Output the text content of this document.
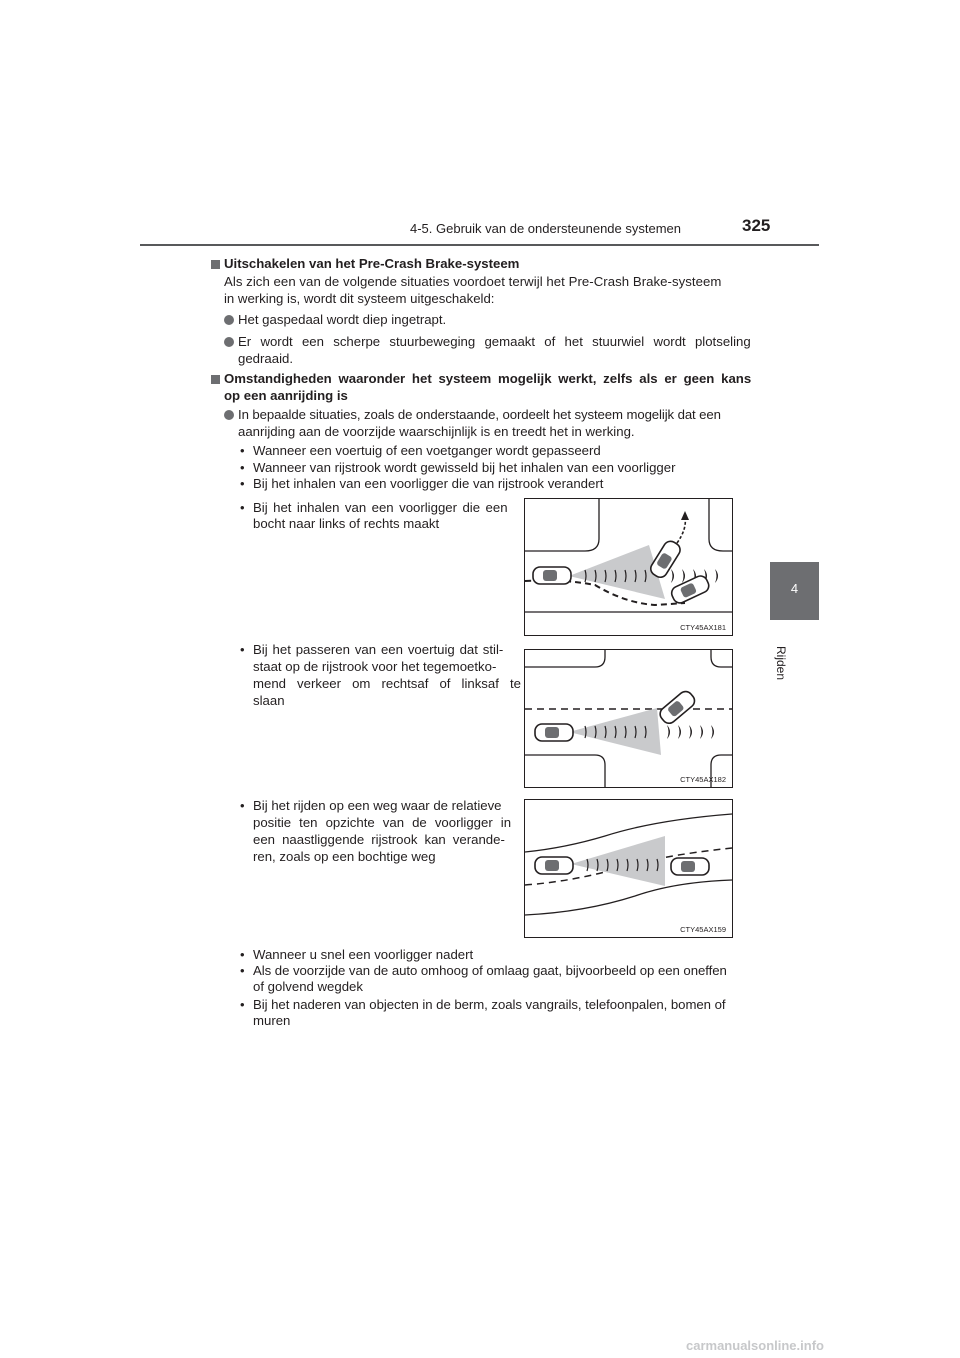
4-5. Gebruik van de ondersteunende systemen	325
4
Rijden
Uitschakelen van het Pre-Crash Brake-systeem
Als zich een van de volgende situaties voordoet terwijl het Pre-Crash Brake-systeem
in werking is, wordt dit systeem uitgeschakeld:
Het gaspedaal wordt diep ingetrapt.
Er wordt een scherpe stuurbeweging gemaakt of het stuurwiel wordt plotseling
gedraaid.
Omstandigheden waaronder het systeem mogelijk werkt, zelfs als er geen kans
op een aanrijding is
In bepaalde situaties, zoals de onderstaande, oordeelt het systeem mogelijk dat een
aanrijding aan de voorzijde waarschijnlijk is en treedt het in werking.
• Wanneer een voertuig of een voetganger wordt gepasseerd
• Wanneer van rijstrook wordt gewisseld bij het inhalen van een voorligger
• Bij het inhalen van een voorligger die van rijstrook verandert
• Bij het inhalen van een voorligger die een
bocht naar links of rechts maakt
CTY45AX181
• Bij het passeren van een voertuig dat stil-
staat op de rijstrook voor het tegemoetko-
mend verkeer om rechtsaf of linksaf te
slaan
CTY45AX182
• Bij het rijden op een weg waar de relatieve
positie ten opzichte van de voorligger in
een naastliggende rijstrook kan verande-
ren, zoals op een bochtige weg
CTY45AX159
• Wanneer u snel een voorligger nadert
• Als de voorzijde van de auto omhoog of omlaag gaat, bijvoorbeeld op een oneffen
of golvend wegdek
• Bij het naderen van objecten in de berm, zoals vangrails, telefoonpalen, bomen of
muren
carmanualsonline.info
